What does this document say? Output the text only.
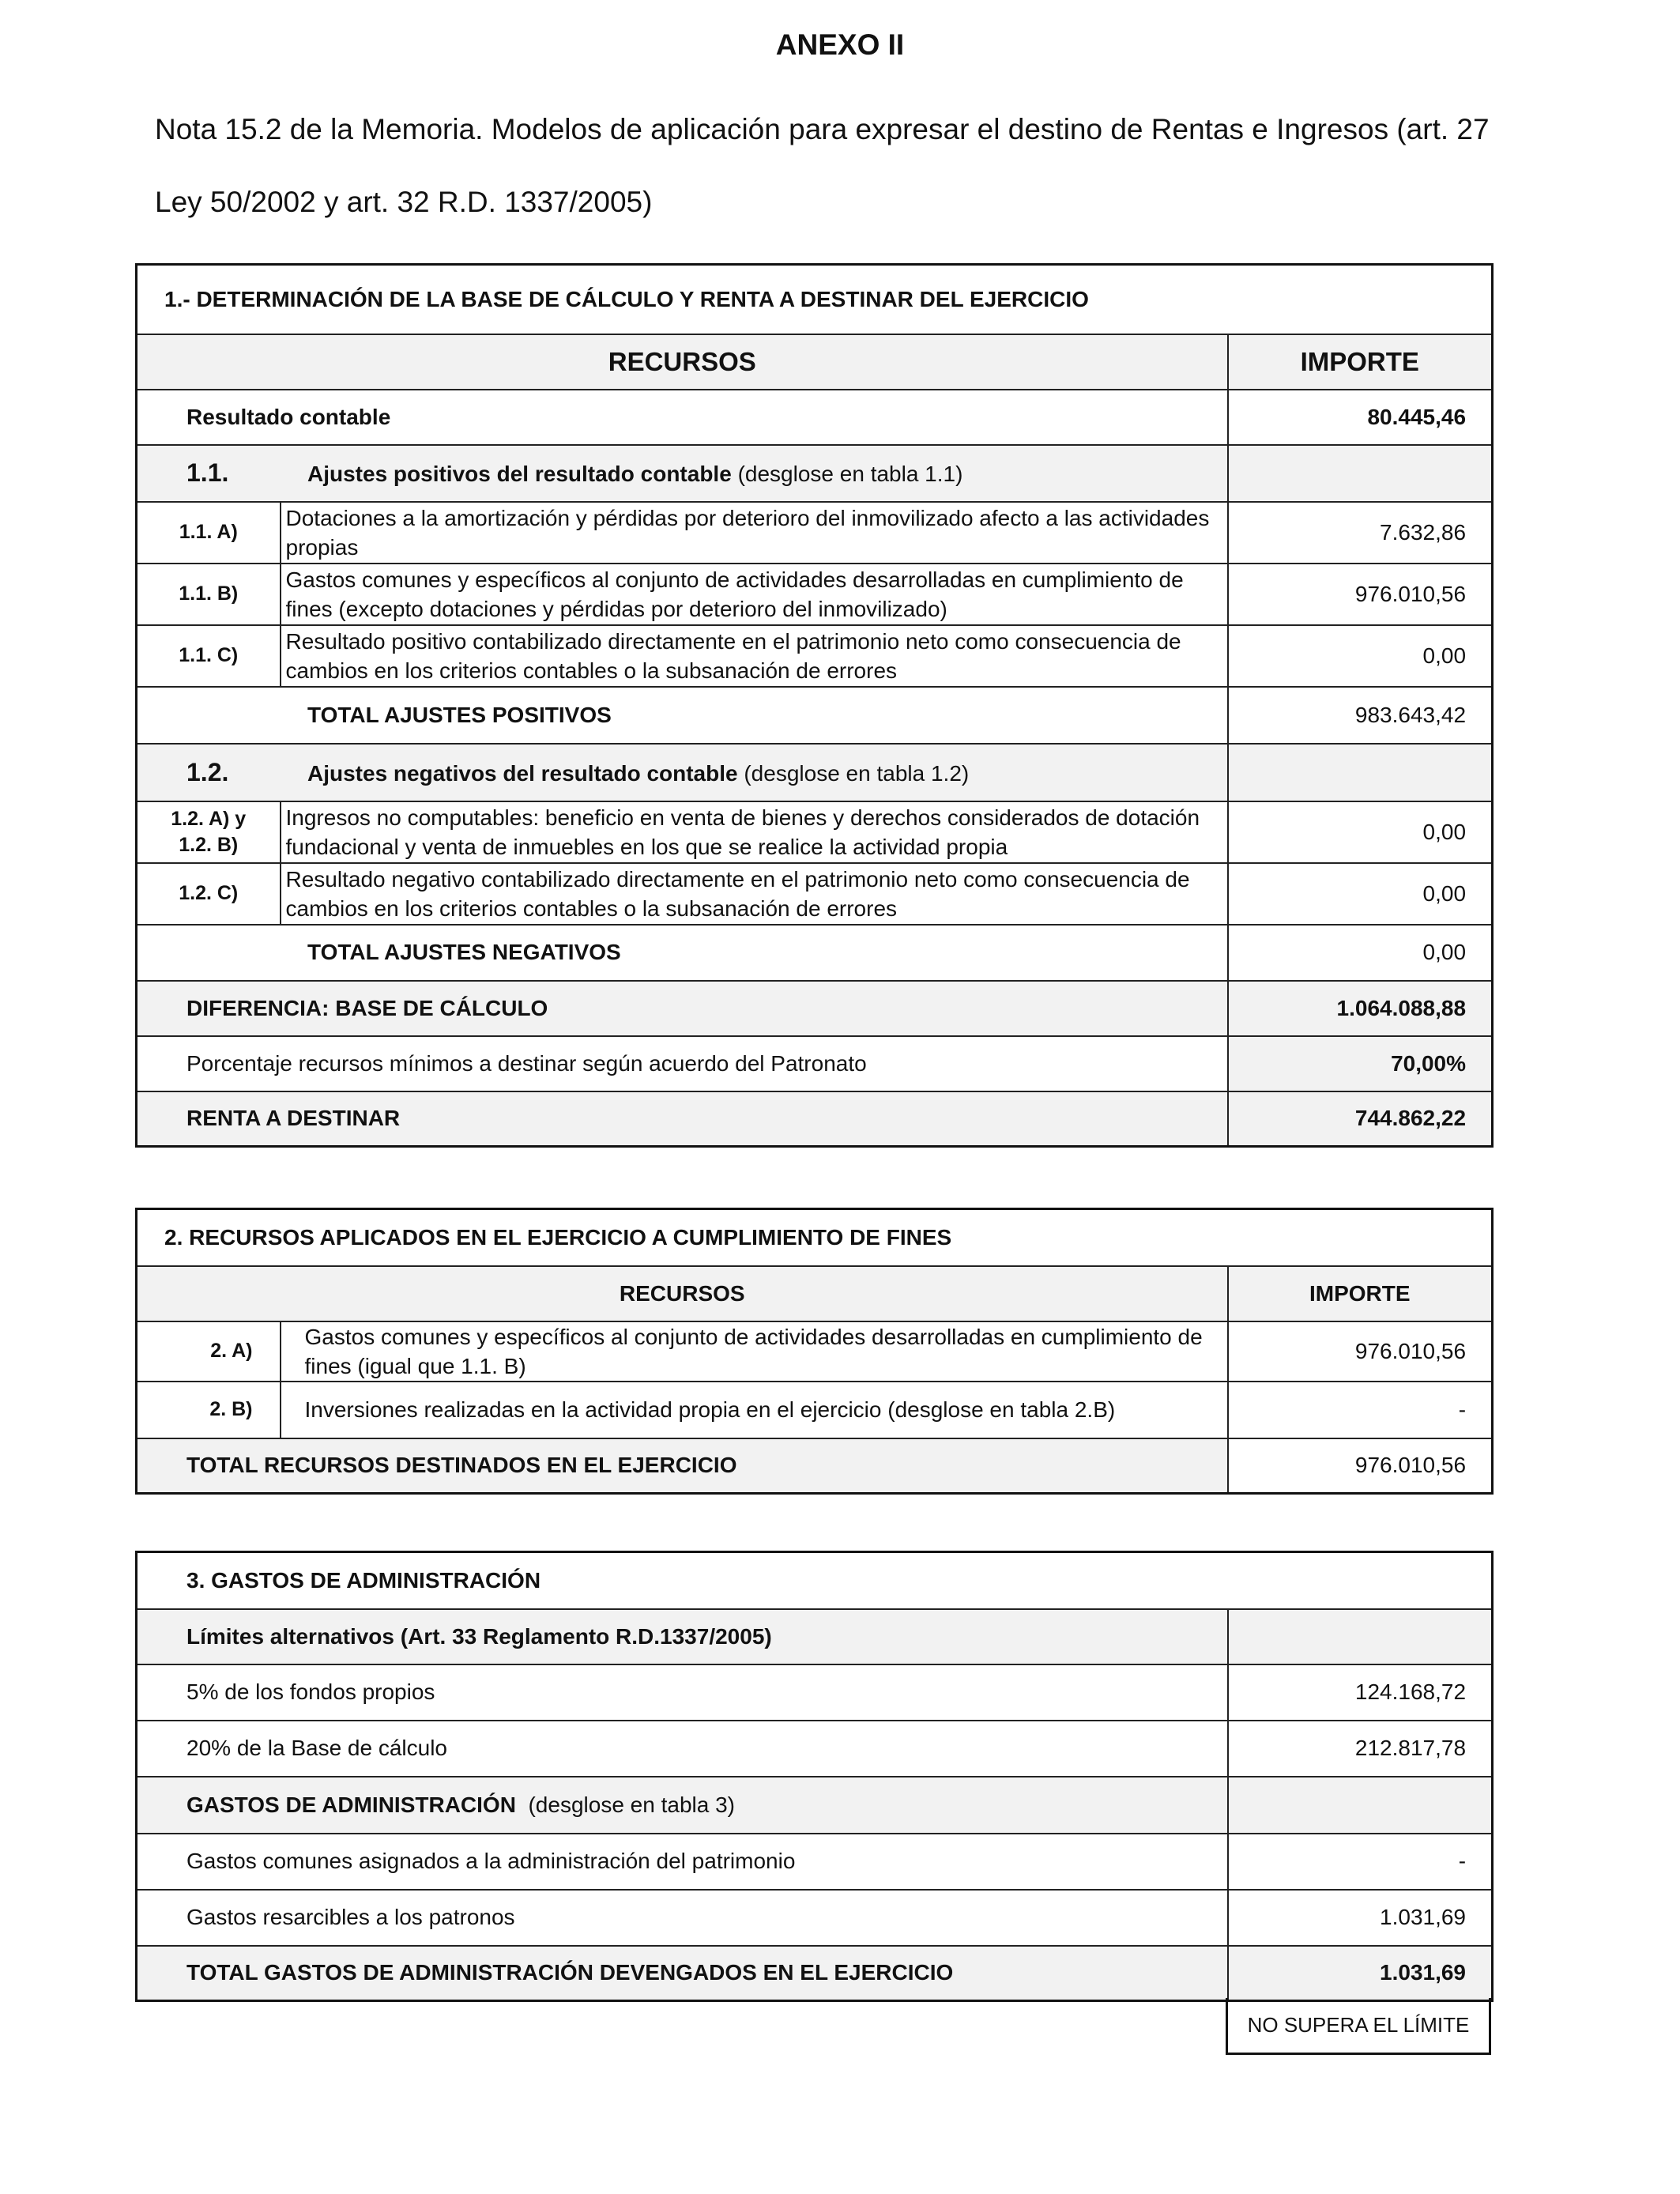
ANEXO II
Nota 15.2 de la Memoria. Modelos de aplicación para expresar el destino de Rentas e Ingresos (art. 27
Ley 50/2002 y art. 32 R.D. 1337/2005)
1.- DETERMINACIÓN DE LA BASE DE CÁLCULO Y RENTA A DESTINAR DEL EJERCICIO		
RECURSOS		IMPORTE
Resultado contable		80.445,46
1.1. Ajustes positivos del resultado contable (desglose en tabla 1.1)		
1.1. A)	Dotaciones a la amortización y pérdidas por deterioro del inmovilizado afecto a las actividades propias	7.632,86
1.1. B)	Gastos comunes y específicos al conjunto de actividades desarrolladas en cumplimiento de fines (excepto dotaciones y pérdidas por deterioro del inmovilizado)	976.010,56
1.1. C)	Resultado positivo contabilizado directamente en el patrimonio neto como consecuencia de cambios en los criterios contables o la subsanación de errores	0,00
TOTAL AJUSTES POSITIVOS		983.643,42
1.2. Ajustes negativos del resultado contable (desglose en tabla 1.2)		
1.2. A) y 1.2. B)	Ingresos no computables: beneficio en venta de bienes y derechos considerados de dotación fundacional y venta de inmuebles en los que se realice la actividad propia	0,00
1.2. C)	Resultado negativo contabilizado directamente en el patrimonio neto como consecuencia de cambios en los criterios contables o la subsanación de errores	0,00
TOTAL AJUSTES NEGATIVOS		0,00
DIFERENCIA: BASE DE CÁLCULO		1.064.088,88
Porcentaje recursos mínimos a destinar según acuerdo del Patronato		70,00%
RENTA A DESTINAR		744.862,22
2. RECURSOS APLICADOS EN EL EJERCICIO A CUMPLIMIENTO DE FINES		
RECURSOS		IMPORTE
2. A)	Gastos comunes y específicos al conjunto de actividades desarrolladas en cumplimiento de fines (igual que 1.1. B)	976.010,56
2. B)	Inversiones realizadas en la actividad propia en el ejercicio (desglose en tabla 2.B)	-
TOTAL RECURSOS DESTINADOS EN EL EJERCICIO		976.010,56
3. GASTOS DE ADMINISTRACIÓN	
Límites alternativos (Art. 33 Reglamento R.D.1337/2005)	
5% de los fondos propios	124.168,72
20% de la Base de cálculo	212.817,78
GASTOS DE ADMINISTRACIÓN (desglose en tabla 3)	
Gastos comunes asignados a la administración del patrimonio	-
Gastos resarcibles a los patronos	1.031,69
TOTAL GASTOS DE ADMINISTRACIÓN DEVENGADOS EN EL EJERCICIO	1.031,69
NO SUPERA EL LÍMITE
